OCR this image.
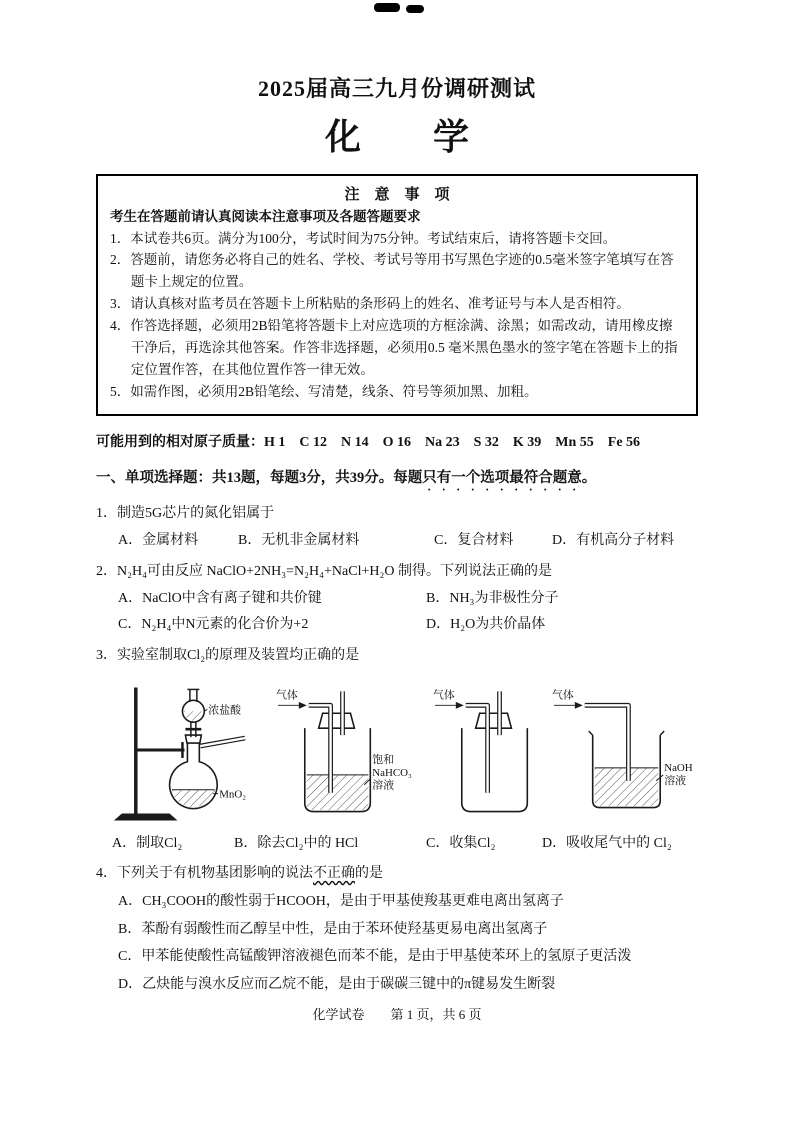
2025届高三九月份调研测试
化　　学
注　意　事　项
考生在答题前请认真阅读本注意事项及各题答题要求
1．本试卷共6页。满分为100分，考试时间为75分钟。考试结束后，请将答题卡交回。
2．答题前，请您务必将自己的姓名、学校、考试号等用书写黑色字迹的0.5毫米签字笔填写在答题卡上规定的位置。
3．请认真核对监考员在答题卡上所粘贴的条形码上的姓名、准考证号与本人是否相符。
4．作答选择题，必须用2B铅笔将答题卡上对应选项的方框涂满、涂黑；如需改动，请用橡皮擦干净后，再选涂其他答案。作答非选择题，必须用0.5 毫米黑色墨水的签字笔在答题卡上的指定位置作答，在其他位置作答一律无效。
5．如需作图，必须用2B铅笔绘、写清楚，线条、符号等须加黑、加粗。
可能用到的相对原子质量：H 1　C 12　N 14　O 16　Na 23　S 32　K 39　Mn 55　Fe 56
一、单项选择题：共13题，每题3分，共39分。每题只有一个选项最符合题意。
1．制造5G芯片的氮化铝属于
A．金属材料	B．无机非金属材料	C．复合材料	D．有机高分子材料
2．N₂H₄可由反应 NaClO+2NH₃=N₂H₄+NaCl+H₂O 制得。下列说法正确的是
A．NaClO中含有离子键和共价键	B．NH₃为非极性分子
C．N₂H₄中N元素的化合价为+2	D．H₂O为共价晶体
3．实验室制取Cl₂的原理及装置均正确的是
浓盐酸
MnO₂
气体
饱和
NaHCO₃
溶液
气体	气体
NaOH
溶液
A．制取Cl₂	B．除去Cl₂中的 HCl	C．收集Cl₂	D．吸收尾气中的 Cl₂
4．下列关于有机物基团影响的说法不正确的是
A．CH₃COOH的酸性弱于HCOOH，是由于甲基使羧基更难电离出氢离子
B．苯酚有弱酸性而乙醇呈中性，是由于苯环使羟基更易电离出氢离子
C．甲苯能使酸性高锰酸钾溶液褪色而苯不能，是由于甲基使苯环上的氢原子更活泼
D．乙炔能与溴水反应而乙烷不能，是由于碳碳三键中的π键易发生断裂
化学试卷　　第 1 页，共 6 页
